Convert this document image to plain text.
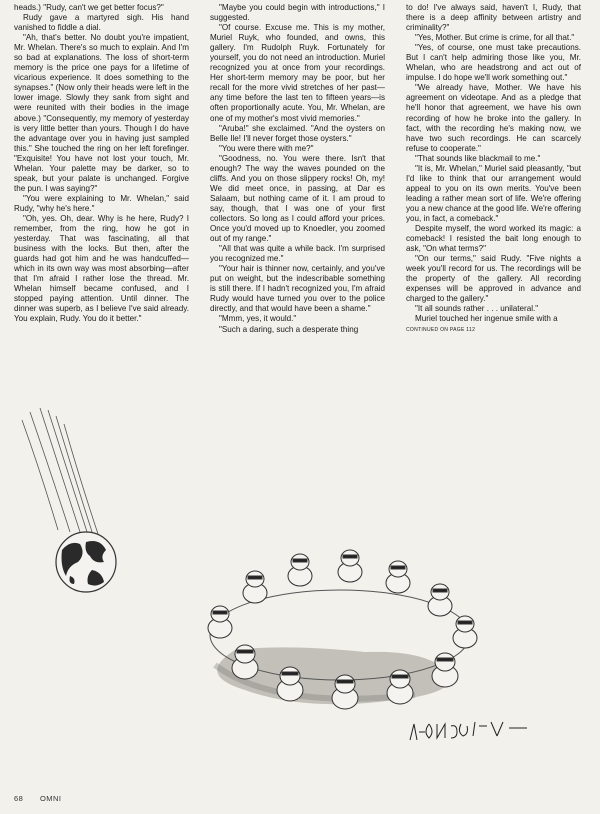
heads.) "Rudy, can't we get better focus?"

Rudy gave a martyred sigh. His hand vanished to fiddle a dial.

"Ah, that's better. No doubt you're impatient, Mr. Whelan. There's so much to explain. And I'm so bad at explanations. The loss of short-term memory is the price one pays for a lifetime of vicarious experience. It does something to the synapses." (Now only their heads were left in the lower image. Slowly they sank from sight and were reunited with their bodies in the image above.) "Consequently, my memory of yesterday is very little better than yours. Though I do have the advantage over you in having just sampled this." She touched the ring on her left forefinger. "Exquisite! You have not lost your touch, Mr. Whelan. Your palette may be darker, so to speak, but your palate is unchanged. Forgive the pun. I was saying?"

"You were explaining to Mr. Whelan," said Rudy, "why he's here."

"Oh, yes. Oh, dear. Why is he here, Rudy? I remember, from the ring, how he got in yesterday. That was fascinating, all that business with the locks. But then, after the guards had got him and he was handcuffed—which in its own way was most absorbing—after that I'm afraid I rather lose the thread. Mr. Whelan himself became confused, and I stopped paying attention. Until dinner. The dinner was superb, as I believe I've said already. You explain, Rudy. You do it better."

"Maybe you could begin with introductions," I suggested.

"Of course. Excuse me. This is my mother, Muriel Ruyk, who founded, and owns, this gallery. I'm Rudolph Ruyk. Fortunately for yourself, you do not need an introduction. Muriel recognized you at once from your recordings. Her short-term memory may be poor, but her recall for the more vivid stretches of her past—any time before the last ten to fifteen years—is often proportionally acute. You, Mr. Whelan, are one of my mother's most vivid memories."

"Aruba!" she exclaimed. "And the oysters on Belle Ile! I'll never forget those oysters."

"You were there with me?"

"Goodness, no. You were there. Isn't that enough? The way the waves pounded on the cliffs. And you on those slippery rocks! Oh, my! We did meet once, in passing, at Dar es Salaam, but nothing came of it. I am proud to say, though, that I was one of your first collectors. So long as I could afford your prices. Once you'd moved up to Knoedler, you zoomed out of my range."

"All that was quite a while back. I'm surprised you recognized me."

"Your hair is thinner now, certainly, and you've put on weight, but the indescribable something is still there. If I hadn't recognized you, I'm afraid Rudy would have turned you over to the police directly, and that would have been a shame."

"Mmm, yes, it would."

"Such a daring, such a desperate thing

to do! I've always said, haven't I, Rudy, that there is a deep affinity between artistry and criminality?"

"Yes, Mother. But crime is crime, for all that."

"Yes, of course, one must take precautions. But I can't help admiring those like you, Mr. Whelan, who are headstrong and act out of impulse. I do hope we'll work something out."

"We already have, Mother. We have his agreement on videotape. And as a pledge that he'll honor that agreement, we have his own recording of how he broke into the gallery. In fact, with the recording he's making now, we have two such recordings. He can scarcely refuse to cooperate."

"That sounds like blackmail to me."

"It is, Mr. Whelan," Muriel said pleasantly, "but I'd like to think that our arrangement would appeal to you on its own merits. You've been leading a rather mean sort of life. We're offering you a new chance at the good life. We're offering you, in fact, a comeback."

Despite myself, the word worked its magic: a comeback! I resisted the bait long enough to ask, "On what terms?"

"On our terms," said Rudy. "Five nights a week you'll record for us. The recordings will be the property of the gallery. All recording expenses will be approved in advance and charged to the gallery."

"It all sounds rather . . . unilateral."

Muriel touched her ingenue smile with a

CONTINUED ON PAGE 112

68 OMNI
